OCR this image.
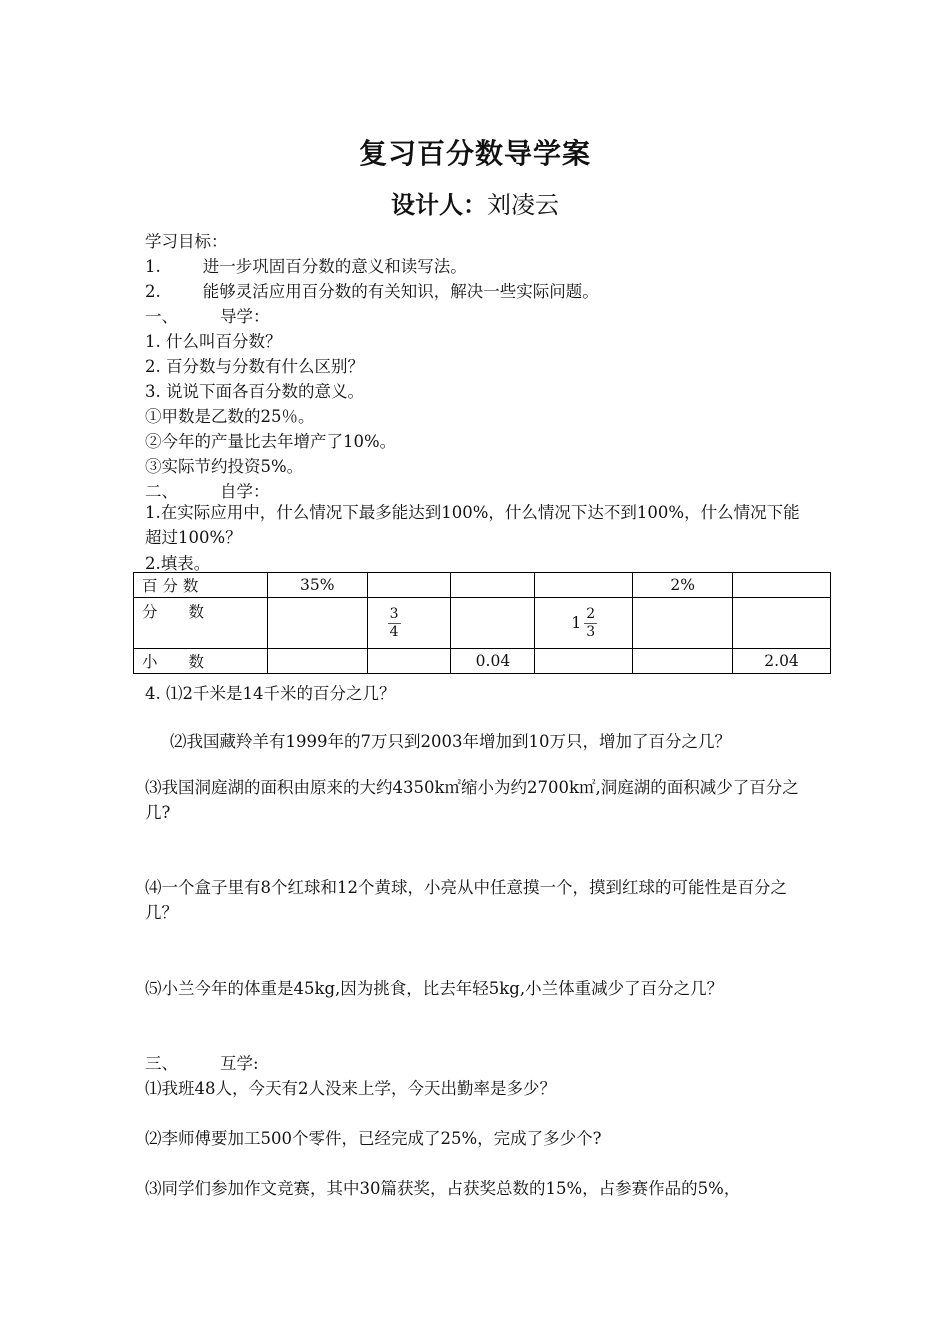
复习百分数导学案
设计人：刘凌云
学习目标：
1.	进一步巩固百分数的意义和读写法。
2.	能够灵活应用百分数的有关知识，解决一些实际问题。
一、	导学：
1. 什么叫百分数？
2. 百分数与分数有什么区别？
3. 说说下面各百分数的意义。
①甲数是乙数的25％。
②今年的产量比去年增产了10%。
③实际节约投资5%。
二、	自学：
1.在实际应用中，什么情况下最多能达到100%，什么情况下达不到100%，什么情况下能超过100%？
2.填表。
百 分 数	35%				2%	
分　　数		$\frac{3}{4}$		$1 \frac{2}{3}$

小　　数			0.04			2.04
4. ⑴2千米是14千米的百分之几？
⑵我国藏羚羊有1999年的7万只到2003年增加到10万只，增加了百分之几？
⑶我国洞庭湖的面积由原来的大约4350k㎡缩小为约2700k㎡,洞庭湖的面积减少了百分之几?
⑷一个盒子里有8个红球和12个黄球，小亮从中任意摸一个，摸到红球的可能性是百分之几？
⑸小兰今年的体重是45kg,因为挑食，比去年轻5kg,小兰体重减少了百分之几？
三、	互学:
⑴我班48人，今天有2人没来上学，今天出勤率是多少？
⑵李师傅要加工500个零件，已经完成了25%，完成了多少个?
⑶同学们参加作文竞赛，其中30篇获奖，占获奖总数的15%，占参赛作品的5%，
